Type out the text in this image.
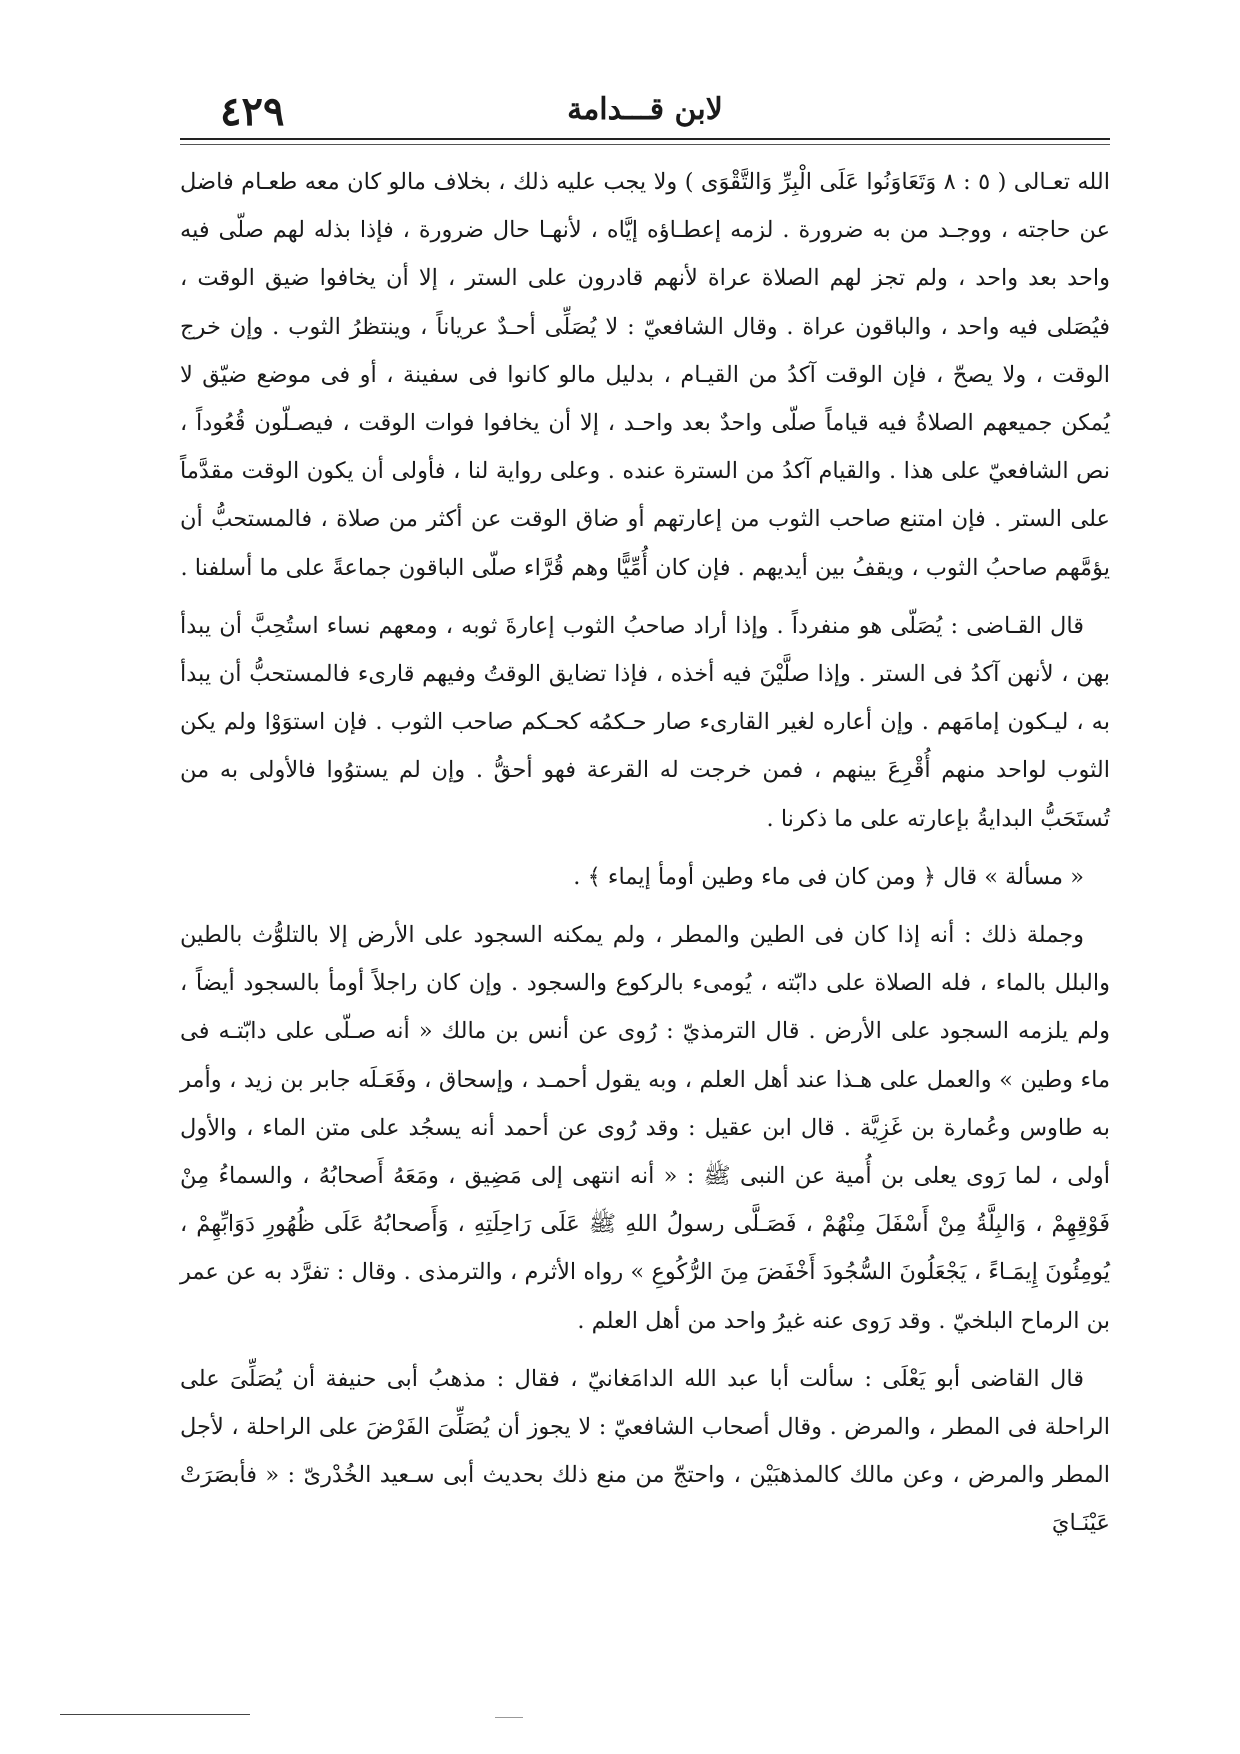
٤٢٩	لابن قـــدامة

الله تعـالى ( ٥ : ٨ وَتَعَاوَنُوا عَلَى الْبِرِّ وَالتَّقْوَى ) ولا يجب عليه ذلك ، بخلاف مالو كان معه طعـام فاضل عن حاجته ، ووجـد من به ضرورة . لزمه إعطـاؤه إيَّاه ، لأنهـا حال ضرورة ، فإذا بذله لهم صلّى فيه واحد بعد واحد ، ولم تجز لهم الصلاة عراة لأنهم قادرون على الستر ، إلا أن يخافوا ضيق الوقت ، فيُصَلى فيه واحد ، والباقون عراة . وقال الشافعيّ : لا يُصَلِّى أحـدٌ عرياناً ، وينتظرُ الثوب . وإن خرج الوقت ، ولا يصحّ ، فإن الوقت آكدُ من القيـام ، بدليل مالو كانوا فى سفينة ، أو فى موضع ضيّق لا يُمكن جميعهم الصلاةُ فيه قياماً صلّى واحدٌ بعد واحـد ، إلا أن يخافوا فوات الوقت ، فيصـلّون قُعُوداً ، نص الشافعيّ على هذا . والقيام آكدُ من السترة عنده . وعلى رواية لنا ، فأولى أن يكون الوقت مقدَّماً على الستر . فإن امتنع صاحب الثوب من إعارتهم أو ضاق الوقت عن أكثر من صلاة ، فالمستحبُّ أن يؤمَّهم صاحبُ الثوب ، ويقفُ بين أيديهم . فإن كان أُمِّيًّا وهم قُرَّاء صلّى الباقون جماعةً على ما أسلفنا .

قال القـاضى : يُصَلّى هو منفرداً . وإذا أراد صاحبُ الثوب إعارةَ ثوبه ، ومعهم نساء استُحِبَّ أن يبدأ بهن ، لأنهن آكدُ فى الستر . وإذا صلَّيْنَ فيه أخذه ، فإذا تضايق الوقتُ وفيهم قارىء فالمستحبُّ أن يبدأ به ، ليـكون إمامَهم . وإن أعاره لغير القارىء صار حـكمُه كحـكم صاحب الثوب . فإن استوَوْا ولم يكن الثوب لواحد منهم أُقْرِعَ بينهم ، فمن خرجت له القرعة فهو أحقُّ . وإن لم يستوُوا فالأولى به من تُستَحَبُّ البدايةُ بإعارته على ما ذكرنا .

« مسألة » قال ﴿ ومن كان فى ماء وطين أومأ إيماء ﴾ .

وجملة ذلك : أنه إذا كان فى الطين والمطر ، ولم يمكنه السجود على الأرض إلا بالتلوُّث بالطين والبلل بالماء ، فله الصلاة على دابّته ، يُومىء بالركوع والسجود . وإن كان راجلاً أومأ بالسجود أيضاً ، ولم يلزمه السجود على الأرض . قال الترمذيّ : رُوى عن أنس بن مالك « أنه صـلّى على دابّتـه فى ماء وطين » والعمل على هـذا عند أهل العلم ، وبه يقول أحمـد ، وإسحاق ، وفَعَـلَه جابر بن زيد ، وأمر به طاوس وعُمارة بن غَزِيَّة . قال ابن عقيل : وقد رُوى عن أحمد أنه يسجُد على متن الماء ، والأول أولى ، لما رَوى يعلى بن أُمية عن النبى ﷺ : « أنه انتهى إلى مَضِيق ، ومَعَهُ أَصحابُهُ ، والسماءُ مِنْ فَوْقِهِمْ ، وَالبِلَّةُ مِنْ أَسْفَلَ مِنْهُمْ ، فَصَـلَّى رسولُ اللهِ ﷺ عَلَى رَاحِلَتِهِ ، وَأَصحابُهُ عَلَى ظُهُورِ دَوَابِّهِمْ ، يُومِئُونَ إِيمَـاءً ، يَجْعَلُونَ السُّجُودَ أَخْفَضَ مِنَ الرُّكُوعِ » رواه الأثرم ، والترمذى . وقال : تفرَّد به عن عمر بن الرماح البلخيّ . وقد رَوى عنه غيرُ واحد من أهل العلم .

قال القاضى أبو يَعْلَى : سألت أبا عبد الله الدامَغانيّ ، فقال : مذهبُ أبى حنيفة أن يُصَلِّىَ على الراحلة فى المطر ، والمرض . وقال أصحاب الشافعيّ : لا يجوز أن يُصَلِّىَ الفَرْضَ على الراحلة ، لأجل المطر والمرض ، وعن مالك كالمذهبَيْن ، واحتجّ من منع ذلك بحديث أبى سـعيد الخُدْرىّ : « فأبصَرَتْ عَيْنَـايَ
